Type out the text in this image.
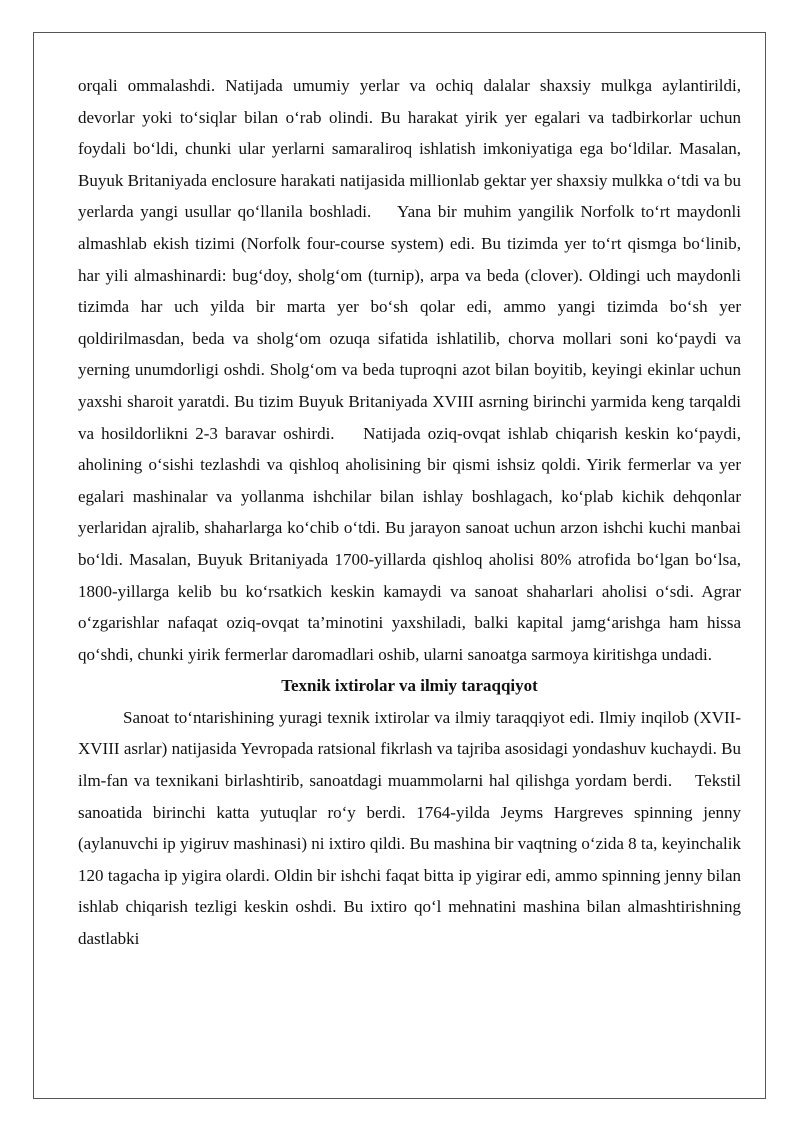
orqali ommalashdi. Natijada umumiy yerlar va ochiq dalalar shaxsiy mulkga aylantirildi, devorlar yoki to‘siqlar bilan o‘rab olindi. Bu harakat yirik yer egalari va tadbirkorlar uchun foydali bo‘ldi, chunki ular yerlarni samaraliroq ishlatish imkoniyatiga ega bo‘ldilar. Masalan, Buyuk Britaniyada enclosure harakati natijasida millionlab gektar yer shaxsiy mulkka o‘tdi va bu yerlarda yangi usullar qo‘llanila boshladi.    Yana bir muhim yangilik Norfolk to‘rt maydonli almashlab ekish tizimi (Norfolk four-course system) edi. Bu tizimda yer to‘rt qismga bo‘linib, har yili almashinardi: bug‘doy, sholg‘om (turnip), arpa va beda (clover). Oldingi uch maydonli tizimda har uch yilda bir marta yer bo‘sh qolar edi, ammo yangi tizimda bo‘sh yer qoldirilmasdan, beda va sholg‘om ozuqa sifatida ishlatilib, chorva mollari soni ko‘paydi va yerning unumdorligi oshdi. Sholg‘om va beda tuproqni azot bilan boyitib, keyingi ekinlar uchun yaxshi sharoit yaratdi. Bu tizim Buyuk Britaniyada XVIII asrning birinchi yarmida keng tarqaldi va hosildorlikni 2-3 baravar oshirdi.    Natijada oziq-ovqat ishlab chiqarish keskin ko‘paydi, aholining o‘sishi tezlashdi va qishloq aholisining bir qismi ishsiz qoldi. Yirik fermerlar va yer egalari mashinalar va yollanma ishchilar bilan ishlay boshlagach, ko‘plab kichik dehqonlar yerlaridan ajralib, shaharlarga ko‘chib o‘tdi. Bu jarayon sanoat uchun arzon ishchi kuchi manbai bo‘ldi. Masalan, Buyuk Britaniyada 1700-yillarda qishloq aholisi 80% atrofida bo‘lgan bo‘lsa, 1800-yillarga kelib bu ko‘rsatkich keskin kamaydi va sanoat shaharlari aholisi o‘sdi. Agrar o‘zgarishlar nafaqat oziq-ovqat ta’minotini yaxshiladi, balki kapital jamg‘arishga ham hissa qo‘shdi, chunki yirik fermerlar daromadlari oshib, ularni sanoatga sarmoya kiritishga undadi.

Texnik ixtirolar va ilmiy taraqqiyot

Sanoat to‘ntarishining yuragi texnik ixtirolar va ilmiy taraqqiyot edi. Ilmiy inqilob (XVII-XVIII asrlar) natijasida Yevropada ratsional fikrlash va tajriba asosidagi yondashuv kuchaydi. Bu ilm-fan va texnikani birlashtirib, sanoatdagi muammolarni hal qilishga yordam berdi.    Tekstil sanoatida birinchi katta yutuqlar ro‘y berdi. 1764-yilda Jeyms Hargreves spinning jenny (aylanuvchi ip yigiruv mashinasi) ni ixtiro qildi. Bu mashina bir vaqtning o‘zida 8 ta, keyinchalik 120 tagacha ip yigira olardi. Oldin bir ishchi faqat bitta ip yigirar edi, ammo spinning jenny bilan ishlab chiqarish tezligi keskin oshdi. Bu ixtiro qo‘l mehnatini mashina bilan almashtirishning dastlabki
